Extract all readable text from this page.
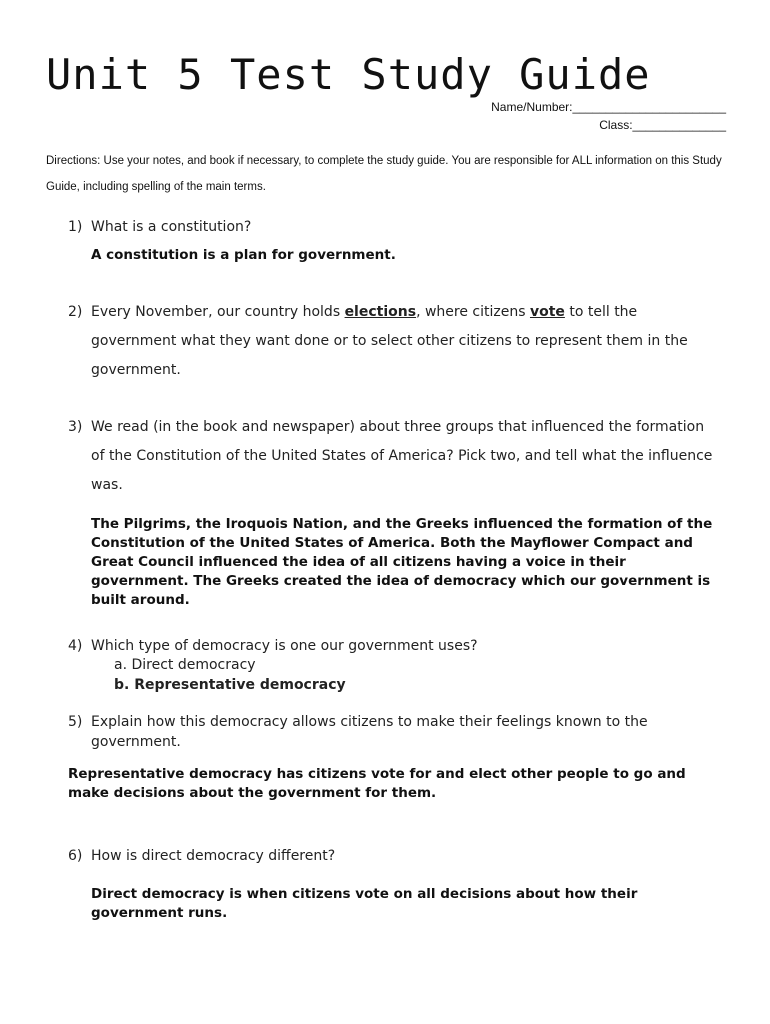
Unit 5 Test Study Guide
Name/Number:_______________________
Class:______________
Directions: Use your notes, and book if necessary, to complete the study guide. You are responsible for ALL information on this Study Guide, including spelling of the main terms.
1) What is a constitution?
A constitution is a plan for government.
2) Every November, our country holds elections, where citizens vote to tell the government what they want done or to select other citizens to represent them in the government.
3) We read (in the book and newspaper) about three groups that influenced the formation of the Constitution of the United States of America? Pick two, and tell what the influence was.
The Pilgrims, the Iroquois Nation, and the Greeks influenced the formation of the Constitution of the United States of America. Both the Mayflower Compact and Great Council influenced the idea of all citizens having a voice in their government. The Greeks created the idea of democracy which our government is built around.
4) Which type of democracy is one our government uses?
a. Direct democracy
b. Representative democracy
5) Explain how this democracy allows citizens to make their feelings known to the government.
Representative democracy has citizens vote for and elect other people to go and make decisions about the government for them.
6) How is direct democracy different?
Direct democracy is when citizens vote on all decisions about how their government runs.
